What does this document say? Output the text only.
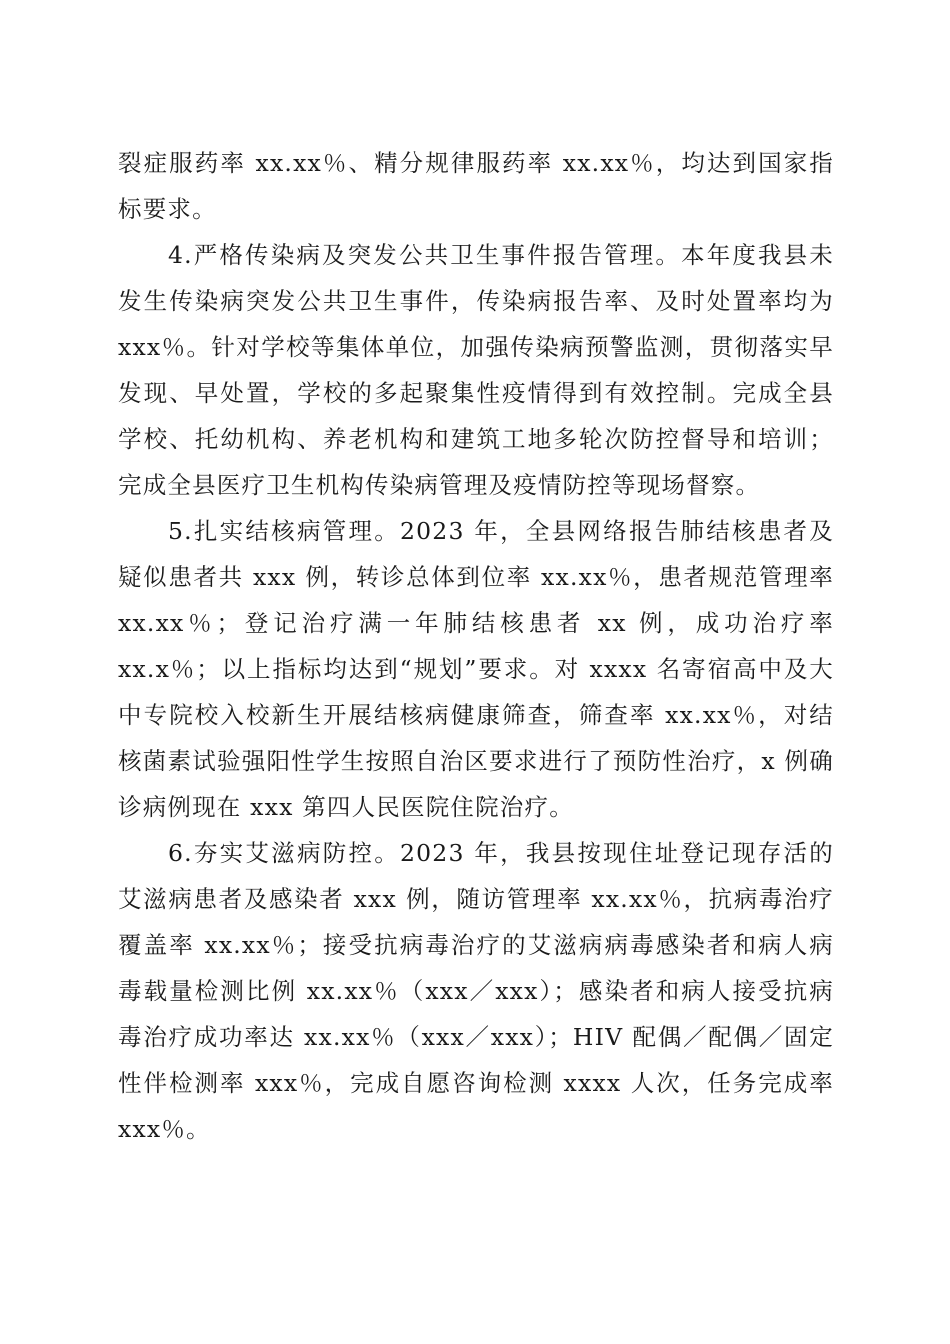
裂症服药率 xx.xx％、精分规律服药率 xx.xx％，均达到国家指标要求。

4.严格传染病及突发公共卫生事件报告管理。本年度我县未发生传染病突发公共卫生事件，传染病报告率、及时处置率均为 xxx％。针对学校等集体单位，加强传染病预警监测，贯彻落实早发现、早处置，学校的多起聚集性疫情得到有效控制。完成全县学校、托幼机构、养老机构和建筑工地多轮次防控督导和培训；完成全县医疗卫生机构传染病管理及疫情防控等现场督察。

5.扎实结核病管理。2023 年，全县网络报告肺结核患者及疑似患者共 xxx 例，转诊总体到位率 xx.xx％，患者规范管理率 xx.xx％；登记治疗满一年肺结核患者 xx 例，成功治疗率 xx.x％；以上指标均达到“规划”要求。对 xxxx 名寄宿高中及大中专院校入校新生开展结核病健康筛查，筛查率 xx.xx％，对结核菌素试验强阳性学生按照自治区要求进行了预防性治疗，x 例确诊病例现在 xxx 第四人民医院住院治疗。

6.夯实艾滋病防控。2023 年，我县按现住址登记现存活的艾滋病患者及感染者 xxx 例，随访管理率 xx.xx％，抗病毒治疗覆盖率 xx.xx％；接受抗病毒治疗的艾滋病病毒感染者和病人病毒载量检测比例 xx.xx％（xxx／xxx）；感染者和病人接受抗病毒治疗成功率达 xx.xx％（xxx／xxx）；HIV 配偶／配偶／固定性伴检测率 xxx％，完成自愿咨询检测 xxxx 人次，任务完成率 xxx％。
